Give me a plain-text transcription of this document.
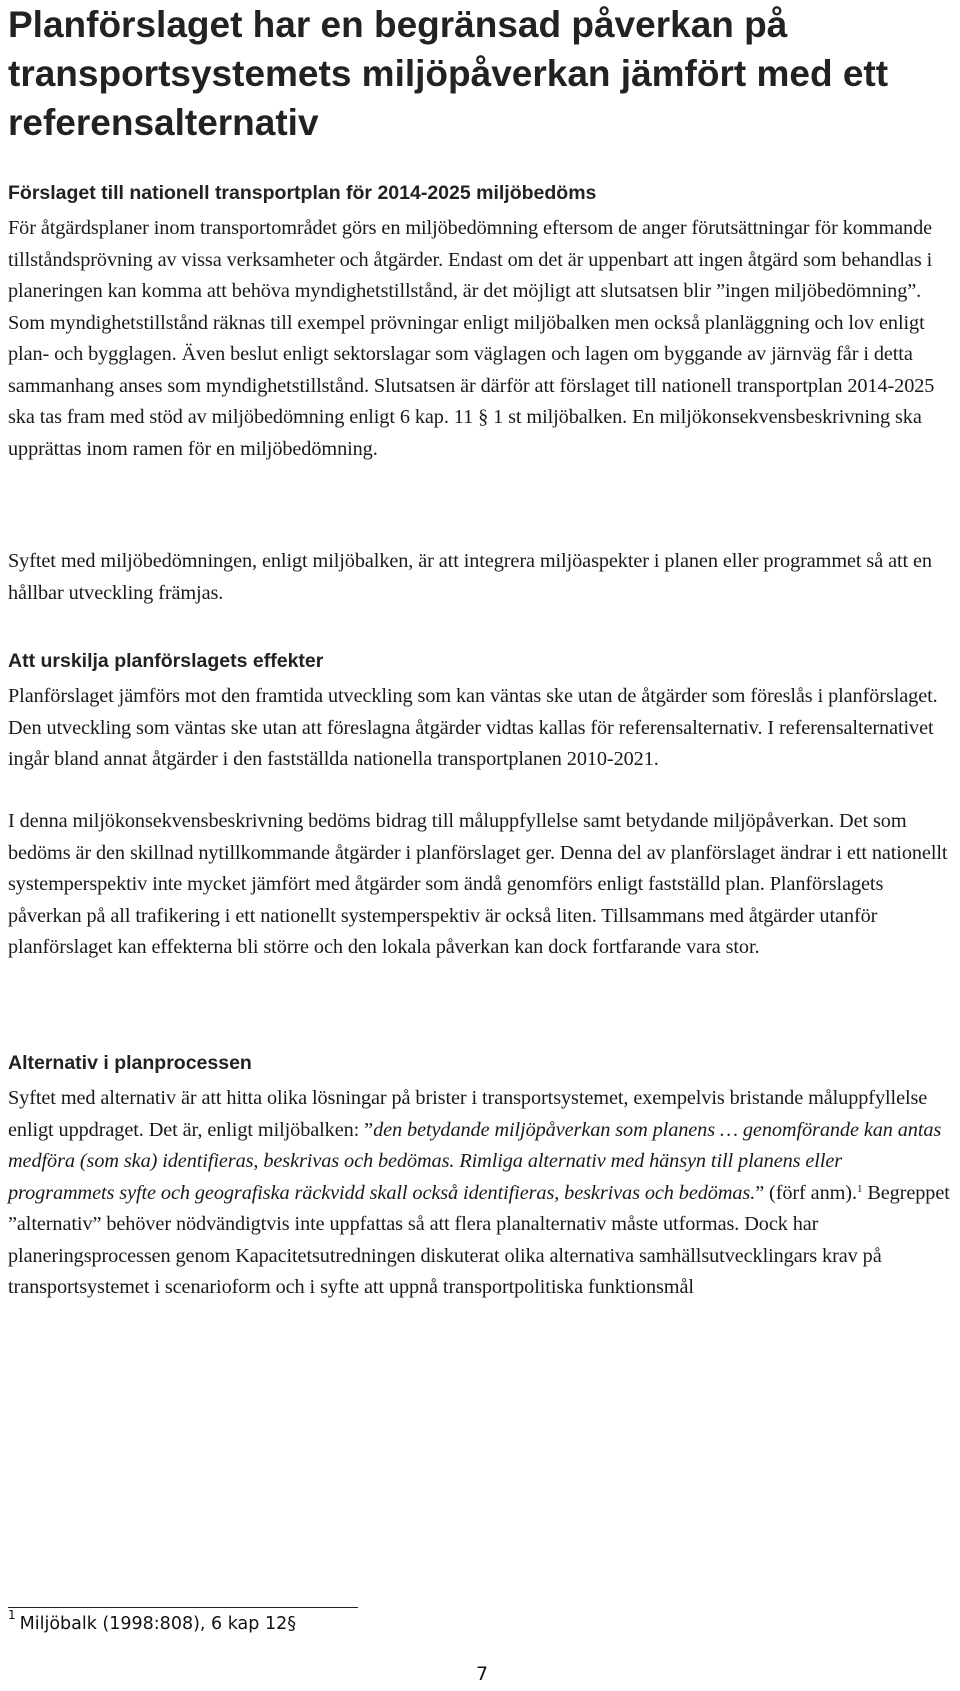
Planförslaget har en begränsad påverkan på transportsystemets miljöpåverkan jämfört med ett referensalternativ
Förslaget till nationell transportplan för 2014-2025 miljöbedöms

För åtgärdsplaner inom transportområdet görs en miljöbedömning eftersom de anger förutsättningar för kommande tillståndsprövning av vissa verksamheter och åtgärder. Endast om det är uppenbart att ingen åtgärd som behandlas i planeringen kan komma att behöva myndighetstillstånd, är det möjligt att slutsatsen blir ”ingen miljöbedömning”. Som myndighetstillstånd räknas till exempel prövningar enligt miljöbalken men också planläggning och lov enligt plan- och bygglagen. Även beslut enligt sektorslagar som väglagen och lagen om byggande av järnväg får i detta sammanhang anses som myndighetstillstånd. Slutsatsen är därför att förslaget till nationell transportplan 2014-2025 ska tas fram med stöd av miljöbedömning enligt 6 kap. 11 § 1 st miljöbalken. En miljökonsekvensbeskrivning ska upprättas inom ramen för en miljöbedömning.

Syftet med miljöbedömningen, enligt miljöbalken, är att integrera miljöaspekter i planen eller programmet så att en hållbar utveckling främjas.

Att urskilja planförslagets effekter

Planförslaget jämförs mot den framtida utveckling som kan väntas ske utan de åtgärder som föreslås i planförslaget. Den utveckling som väntas ske utan att föreslagna åtgärder vidtas kallas för referensalternativ. I referensalternativet ingår bland annat åtgärder i den fastställda nationella transportplanen 2010-2021.

I denna miljökonsekvensbeskrivning bedöms bidrag till måluppfyllelse samt betydande miljöpåverkan. Det som bedöms är den skillnad nytillkommande åtgärder i planförslaget ger. Denna del av planförslaget ändrar i ett nationellt systemperspektiv inte mycket jämfört med åtgärder som ändå genomförs enligt fastställd plan. Planförslagets påverkan på all trafikering i ett nationellt systemperspektiv är också liten. Tillsammans med åtgärder utanför planförslaget kan effekterna bli större och den lokala påverkan kan dock fortfarande vara stor.

Alternativ i planprocessen

Syftet med alternativ är att hitta olika lösningar på brister i transportsystemet, exempelvis bristande måluppfyllelse enligt uppdraget. Det är, enligt miljöbalken: ”den betydande miljöpåverkan som planens … genomförande kan antas medföra (som ska) identifieras, beskrivas och bedömas. Rimliga alternativ med hänsyn till planens eller programmets syfte och geografiska räckvidd skall också identifieras, beskrivas och bedömas.” (förf anm).$^1$ Begreppet ”alternativ” behöver nödvändigtvis inte uppfattas så att flera planalternativ måste utformas. Dock har planeringsprocessen genom Kapacitetsutredningen diskuterat olika alternativa samhällsutvecklingars krav på transportsystemet i scenarioform och i syfte att uppnå transportpolitiska funktionsmål

$^1$ Miljöbalk (1998:808), 6 kap 12§
7
